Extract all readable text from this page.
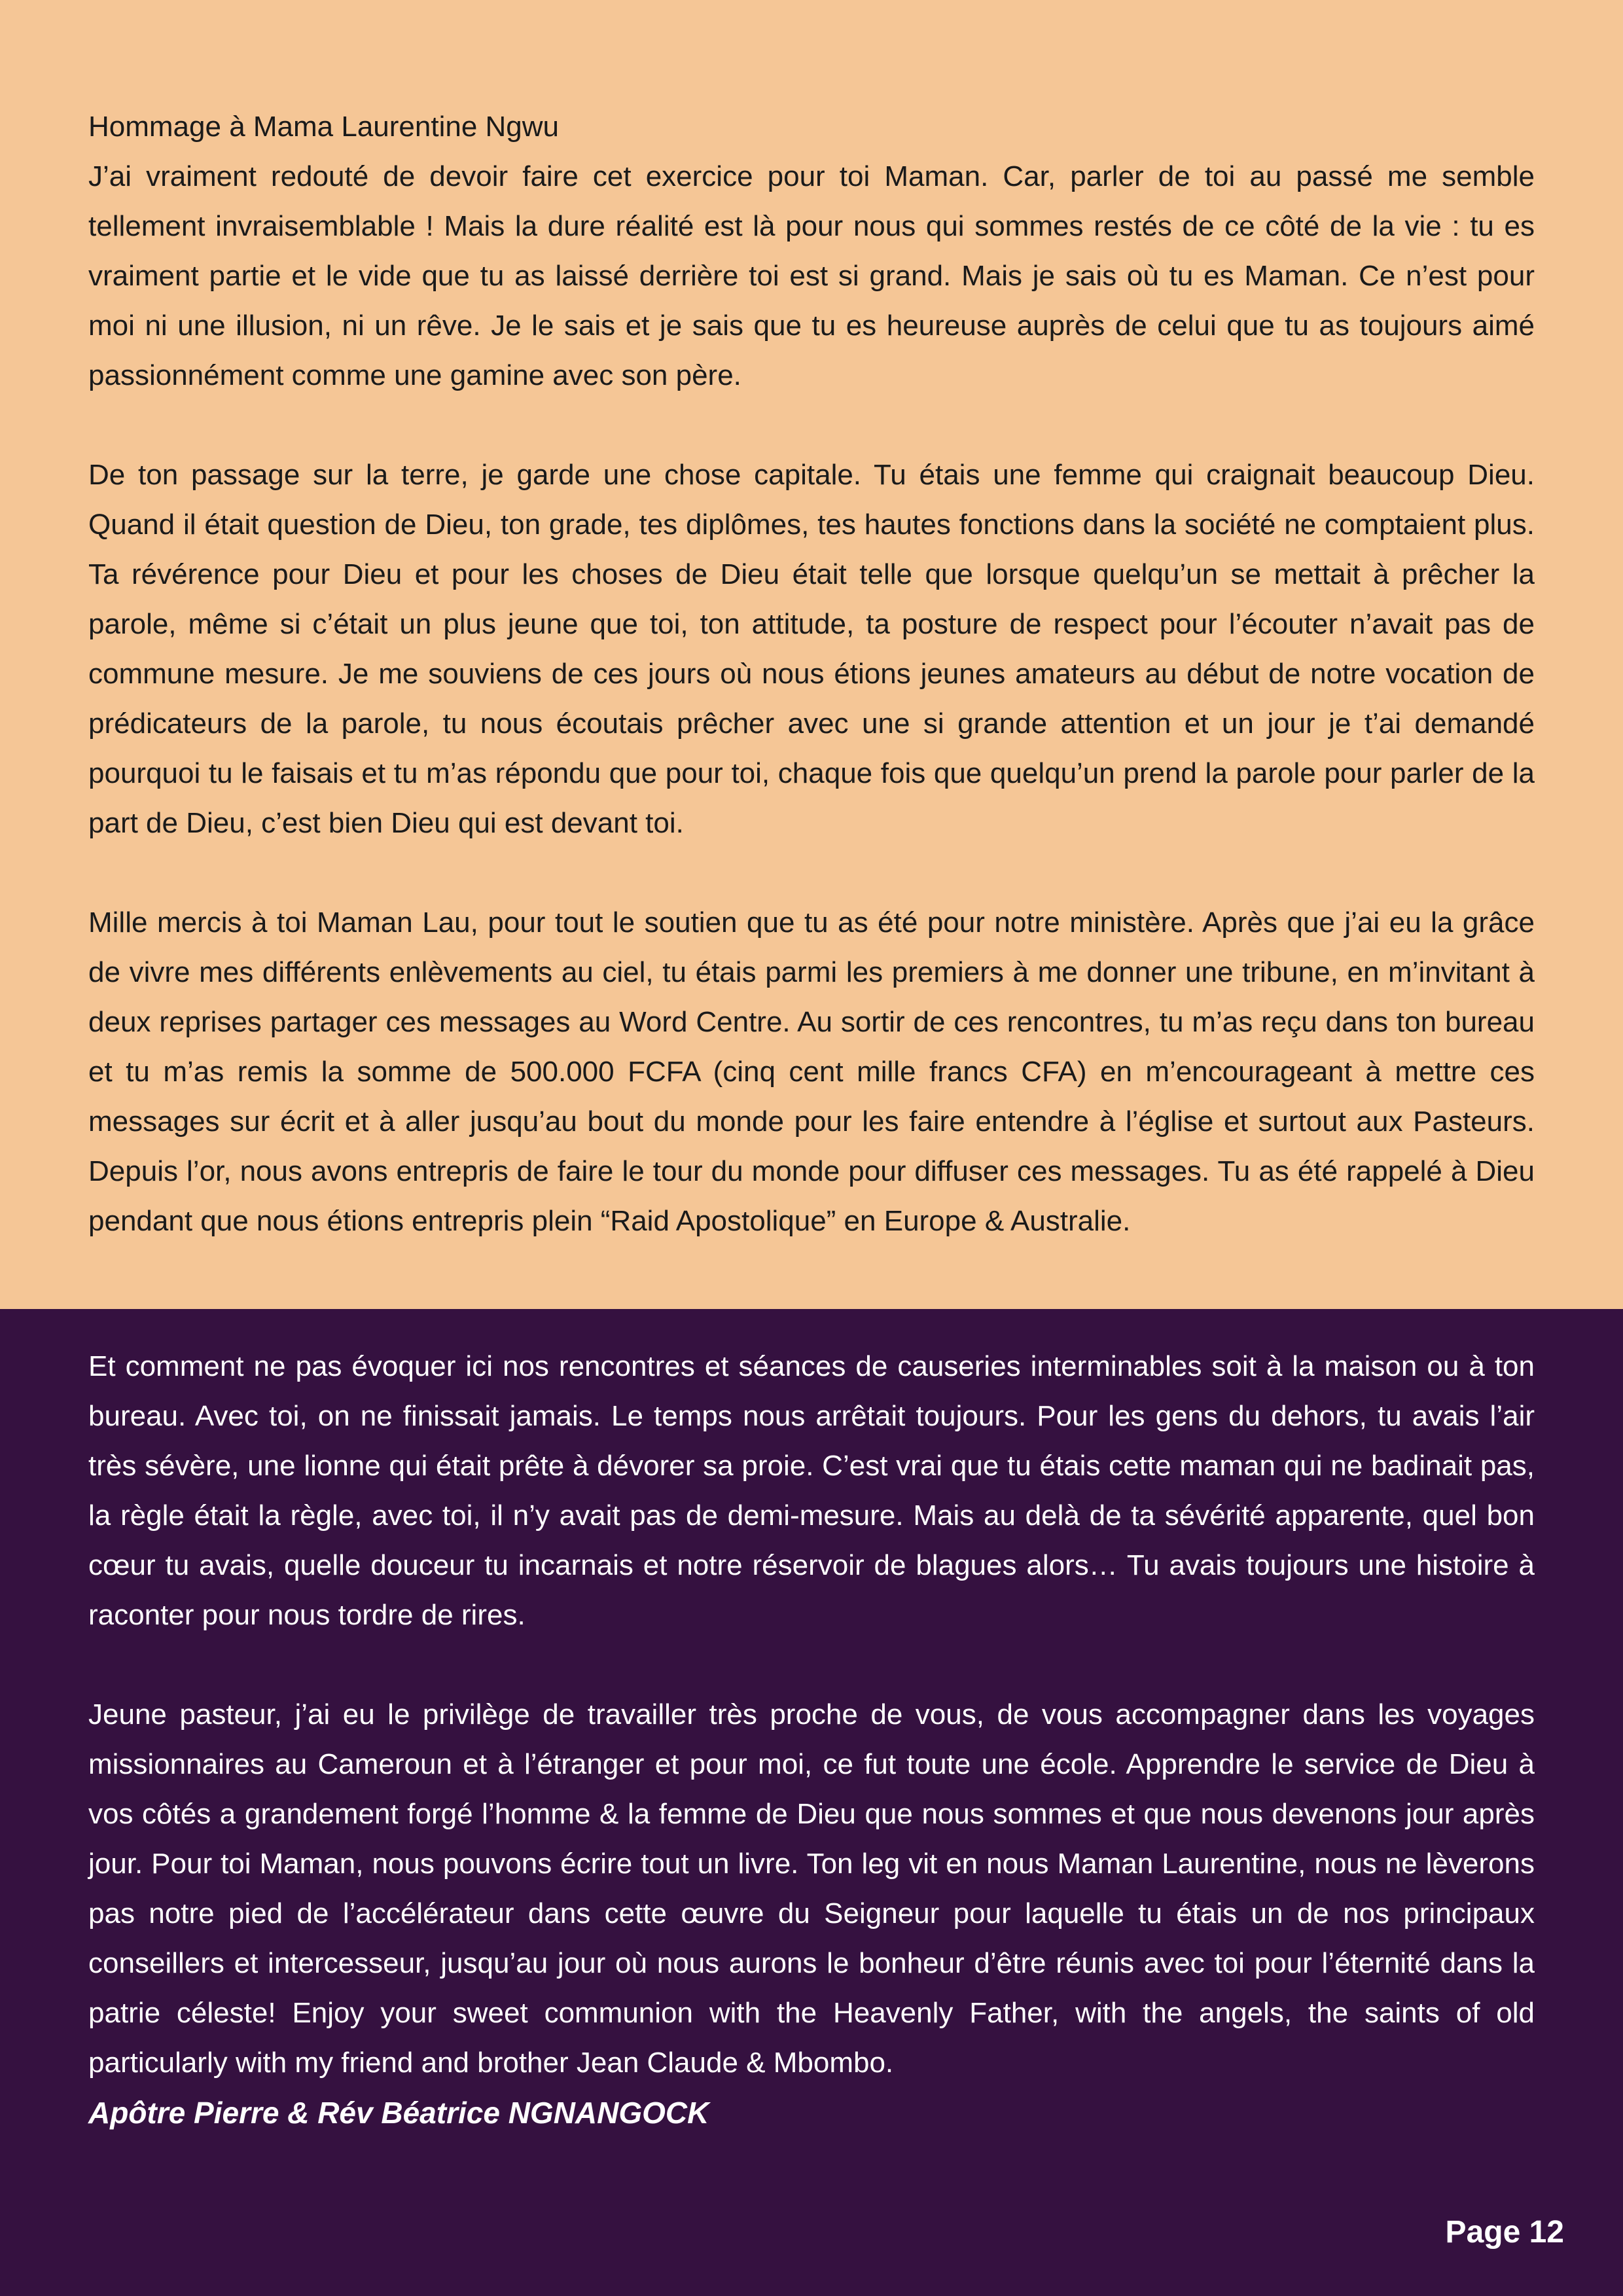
Hommage à Mama Laurentine Ngwu

J’ai vraiment redouté de devoir faire cet exercice pour toi Maman. Car, parler de toi au passé me semble tellement invraisemblable ! Mais la dure réalité est là pour nous qui sommes restés de ce côté de la vie : tu es vraiment partie et le vide que tu as laissé derrière toi est si grand. Mais je sais où tu es Maman. Ce n’est pour moi ni une illusion, ni un rêve. Je le sais et je sais que tu es heureuse auprès de celui que tu as toujours aimé passionnément comme une gamine avec son père.

De ton passage sur la terre, je garde une chose capitale. Tu étais une femme qui craignait beaucoup Dieu. Quand il était question de Dieu, ton grade, tes diplômes, tes hautes fonctions dans la société ne comptaient plus. Ta révérence pour Dieu et pour les choses de Dieu était telle que lorsque quelqu’un se mettait à prêcher la parole, même si c’était un plus jeune que toi, ton attitude, ta posture de respect pour l’écouter n’avait pas de commune mesure. Je me souviens de ces jours où nous étions jeunes amateurs au début de notre vocation de prédicateurs de la parole, tu nous écoutais prêcher avec une si grande attention et un jour je t’ai demandé pourquoi tu le faisais et tu m’as répondu que pour toi, chaque fois que quelqu’un prend la parole pour parler de la part de Dieu, c’est bien Dieu qui est devant toi.

Mille mercis à toi Maman Lau, pour tout le soutien que tu as été pour notre ministère. Après que j’ai eu la grâce de vivre mes différents enlèvements au ciel, tu étais parmi les premiers à me donner une tribune, en m’invitant à deux reprises partager ces messages au Word Centre. Au sortir de ces rencontres, tu m’as reçu dans ton bureau et tu m’as remis la somme de 500.000 FCFA (cinq cent mille francs CFA) en m’encourageant à mettre ces messages sur écrit et à aller jusqu’au bout du monde pour les faire entendre à l’église et surtout aux Pasteurs. Depuis l’or, nous avons entrepris de faire le tour du monde pour diffuser ces messages. Tu as été rappelé à Dieu pendant que nous étions entrepris plein “Raid Apostolique” en Europe & Australie.

Et comment ne pas évoquer ici nos rencontres et séances de causeries interminables soit à la maison ou à ton bureau. Avec toi, on ne finissait jamais. Le temps nous arrêtait toujours. Pour les gens du dehors, tu avais l’air très sévère, une lionne qui était prête à dévorer sa proie. C’est vrai que tu étais cette maman qui ne badinait pas, la règle était la règle, avec toi, il n’y avait pas de demi-mesure. Mais au delà de ta sévérité apparente, quel bon cœur tu avais, quelle douceur tu incarnais et notre réservoir de blagues alors… Tu avais toujours une histoire à raconter pour nous tordre de rires.

Jeune pasteur, j’ai eu le privilège de travailler très proche de vous, de vous accompagner dans les voyages missionnaires au Cameroun et à l’étranger et pour moi, ce fut toute une école. Apprendre le service de Dieu à vos côtés a grandement forgé l’homme & la femme de Dieu que nous sommes et que nous devenons jour après jour. Pour toi Maman, nous pouvons écrire tout un livre. Ton leg vit en nous Maman Laurentine, nous ne lèverons pas notre pied de l’accélérateur dans cette œuvre du Seigneur pour laquelle tu étais un de nos principaux conseillers et intercesseur, jusqu’au jour où nous aurons le bonheur d’être réunis avec toi pour l’éternité dans la patrie céleste! Enjoy your sweet communion with the Heavenly Father, with the angels, the saints of old particularly with my friend and brother Jean Claude & Mbombo.

Apôtre Pierre & Rév Béatrice NGNANGOCK

Page 12
